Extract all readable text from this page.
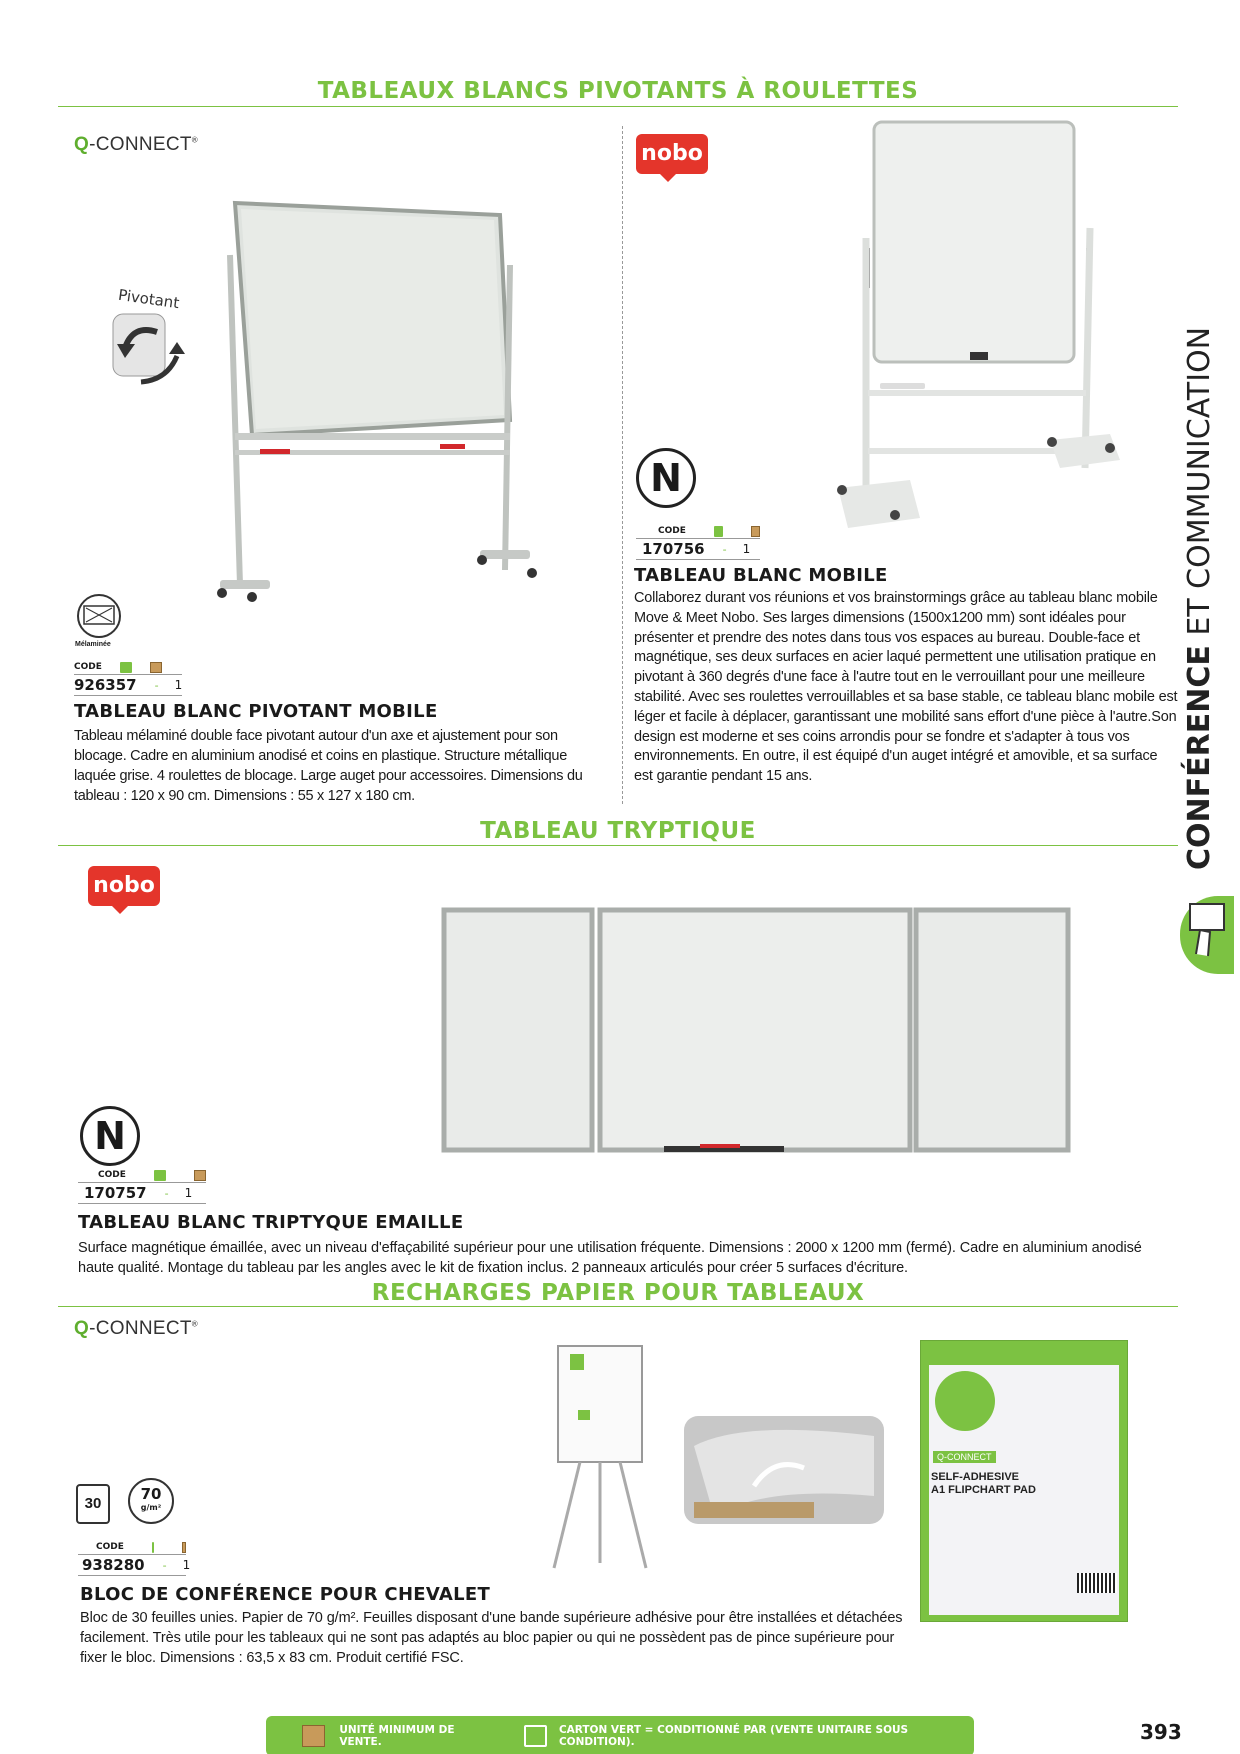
TABLEAUX BLANCS PIVOTANTS À ROULETTES
Q-CONNECT®
Pivotant
Mélaminée
CODE
926357	-	1
TABLEAU BLANC PIVOTANT MOBILE
Tableau mélaminé double face pivotant autour d'un axe et ajustement pour son blocage. Cadre en aluminium anodisé et coins en plastique. Structure métallique laquée grise. 4 roulettes de blocage. Large auget pour accessoires. Dimensions du tableau : 120 x 90 cm. Dimensions : 55 x 127 x 180 cm.
nobo
N
CODE
170756	-	1
TABLEAU BLANC MOBILE
Collaborez durant vos réunions et vos brainstormings grâce au tableau blanc mobile Move & Meet Nobo. Ses larges dimensions (1500x1200 mm) sont idéales pour présenter et prendre des notes dans tous vos espaces au bureau. Double-face et magnétique, ses deux surfaces en acier laqué permettent une utilisation pratique en pivotant à 360 degrés d'une face à l'autre tout en le verrouillant pour une meilleure stabilité. Avec ses roulettes verrouillables et sa base stable, ce tableau blanc mobile est léger et facile à déplacer, garantissant une mobilité sans effort d'une pièce à l'autre.Son design est moderne et ses coins arrondis pour se fondre et s'adapter à tous vos environnements. En outre, il est équipé d'un auget intégré et amovible, et sa surface est garantie pendant 15 ans.
TABLEAU TRYPTIQUE
nobo
N
CODE
170757	-	1
TABLEAU BLANC TRIPTYQUE EMAILLE
Surface magnétique émaillée, avec un niveau d'effaçabilité supérieur pour une utilisation fréquente. Dimensions : 2000 x 1200 mm (fermé). Cadre en aluminium anodisé haute qualité. Montage du tableau par les angles avec le kit de fixation inclus. 2 panneaux articulés pour créer 5 surfaces d'écriture.
RECHARGES PAPIER POUR TABLEAUX
Q-CONNECT®
Q-CONNECT
SELF-ADHESIVE
A1 FLIPCHART PAD
30
70
g/m²
CODE
938280	-	1
BLOC DE CONFÉRENCE POUR CHEVALET
Bloc de 30 feuilles unies. Papier de 70 g/m². Feuilles disposant d'une bande supérieure adhésive pour être installées et détachées facilement. Très utile pour les tableaux qui ne sont pas adaptés au bloc papier ou qui ne possèdent pas de pince supérieure pour fixer le bloc. Dimensions : 63,5 x 83 cm. Produit certifié FSC.
CONFÉRENCE ET COMMUNICATION
UNITÉ MINIMUM DE VENTE.
CARTON VERT = CONDITIONNÉ PAR (VENTE UNITAIRE SOUS CONDITION).	393
